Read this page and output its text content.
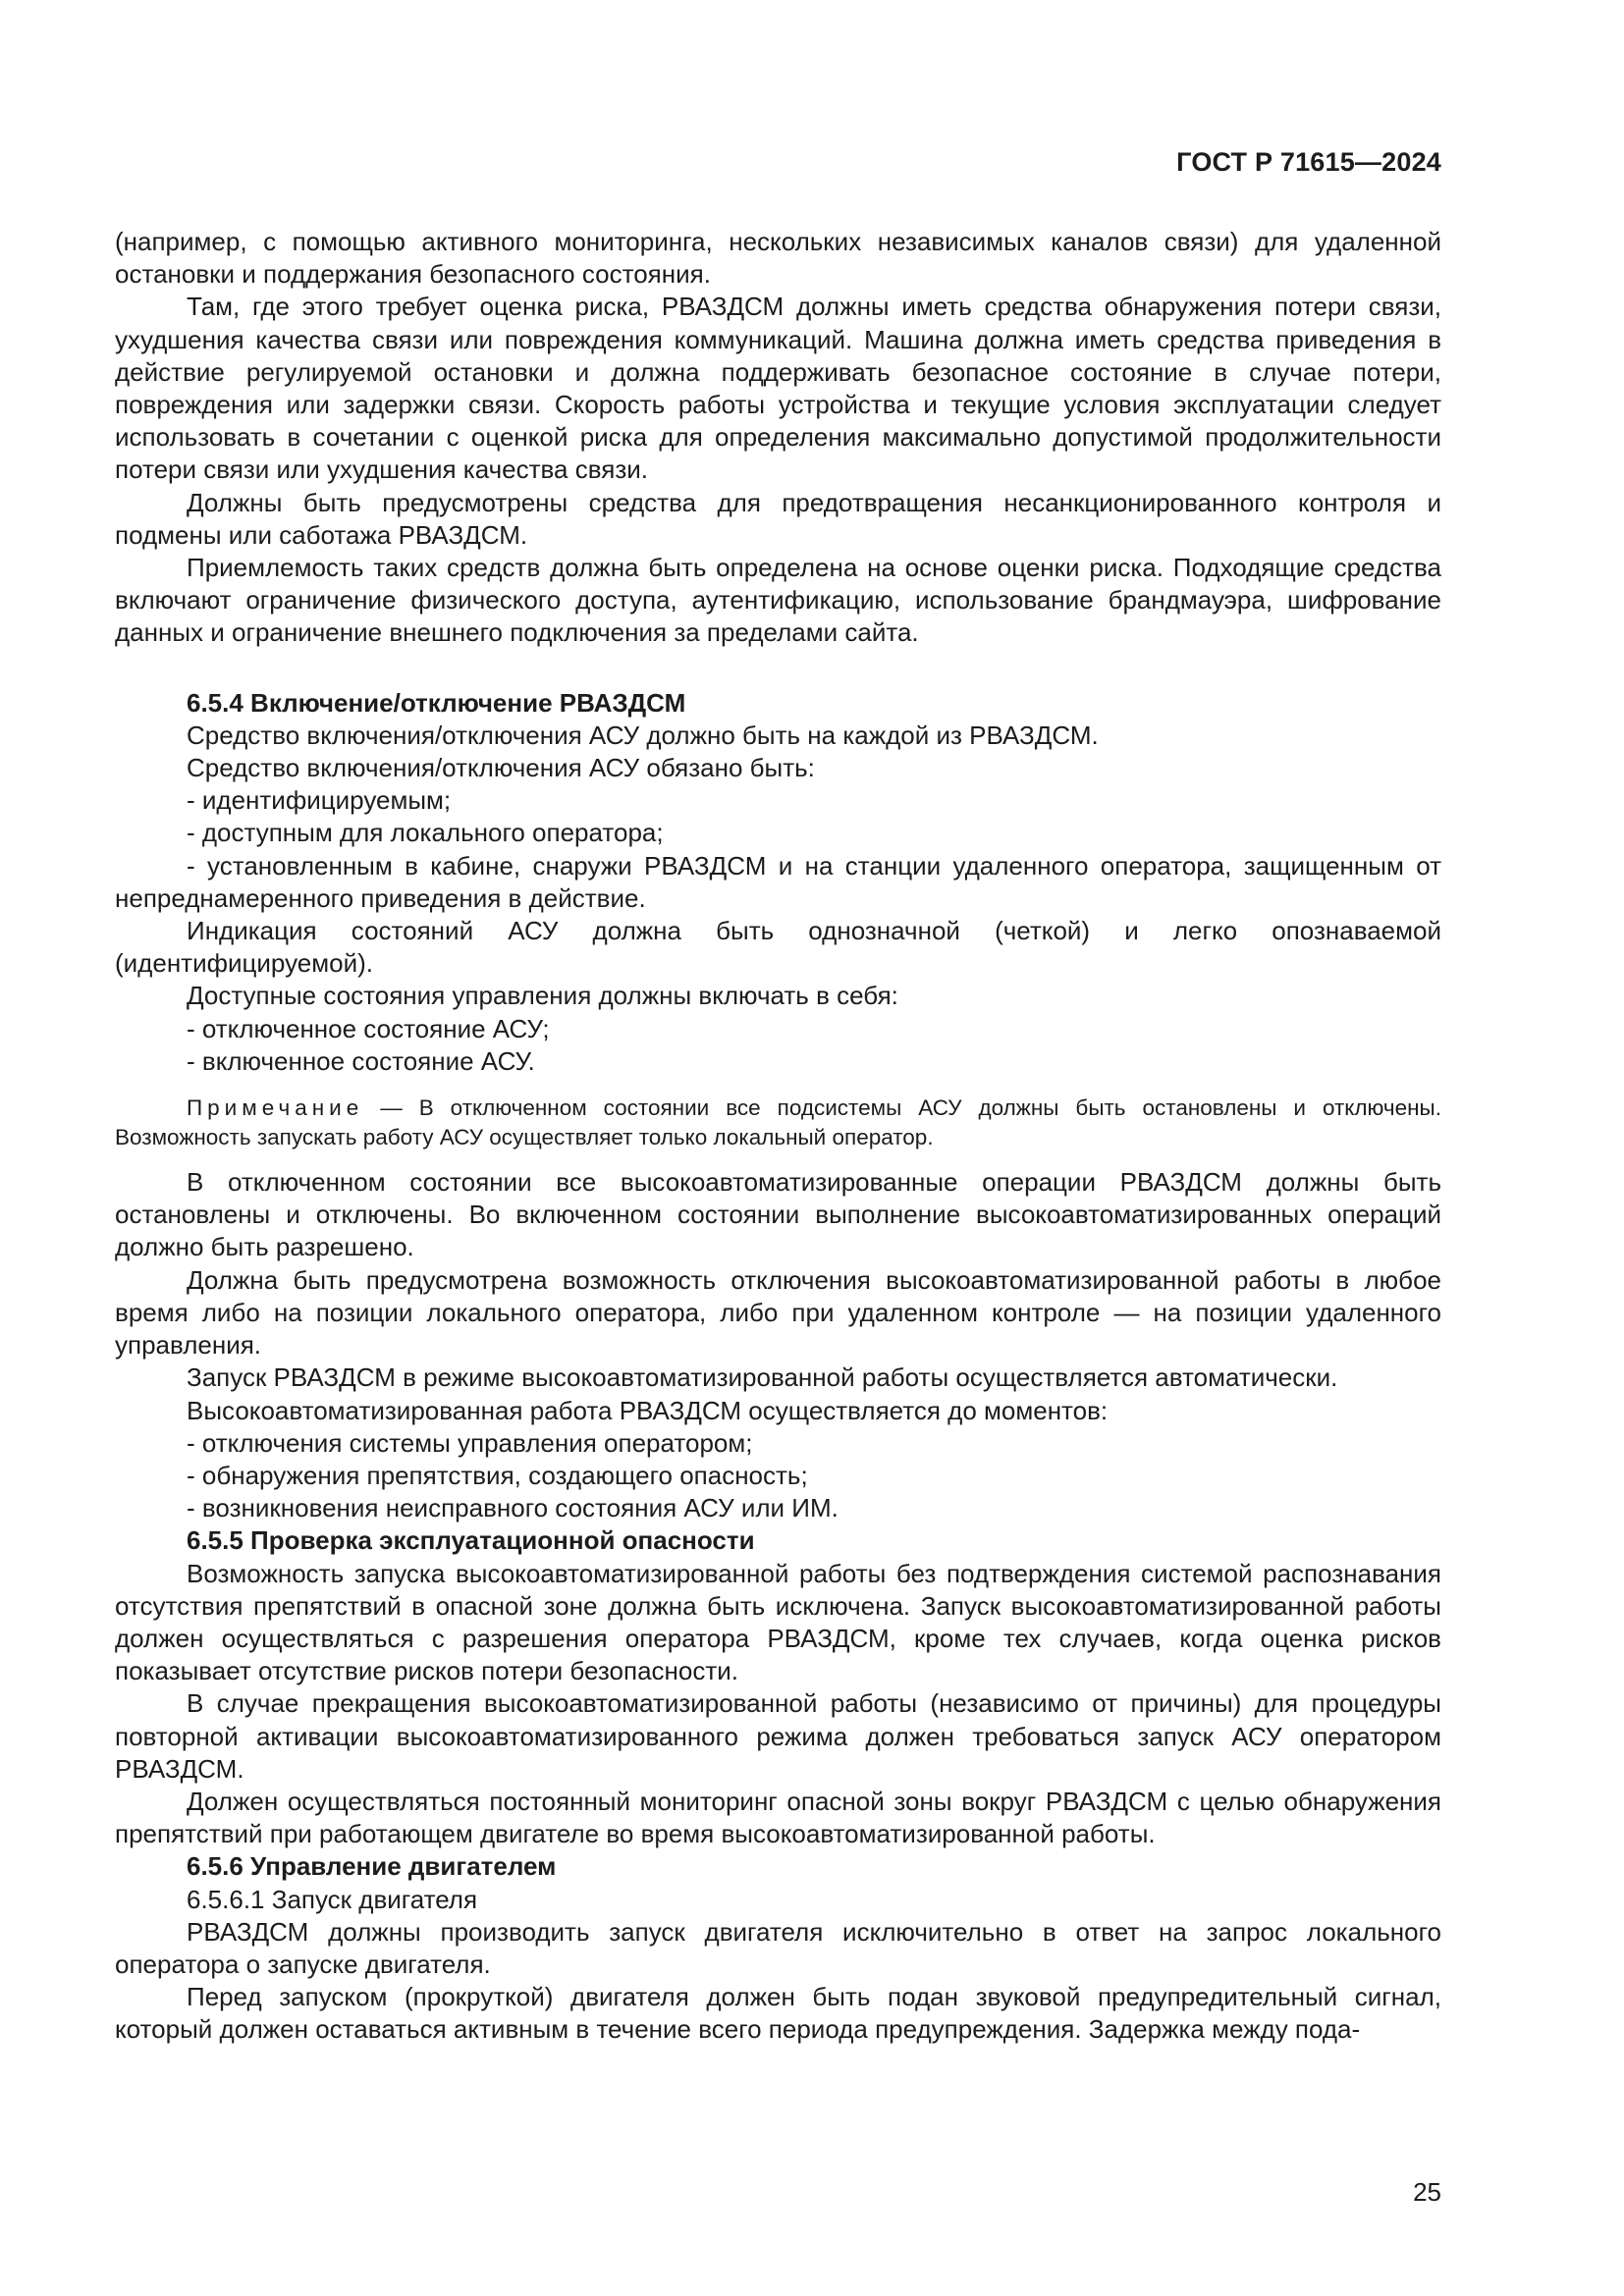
ГОСТ Р 71615—2024

(например, с помощью активного мониторинга, нескольких независимых каналов связи) для удаленной остановки и поддержания безопасного состояния.

Там, где этого требует оценка риска, РВАЗДСМ должны иметь средства обнаружения потери связи, ухудшения качества связи или повреждения коммуникаций. Машина должна иметь средства приведения в действие регулируемой остановки и должна поддерживать безопасное состояние в случае потери, повреждения или задержки связи. Скорость работы устройства и текущие условия эксплуатации следует использовать в сочетании с оценкой риска для определения максимально допустимой продолжительности потери связи или ухудшения качества связи.

Должны быть предусмотрены средства для предотвращения несанкционированного контроля и подмены или саботажа РВАЗДСМ.

Приемлемость таких средств должна быть определена на основе оценки риска. Подходящие средства включают ограничение физического доступа, аутентификацию, использование брандмауэра, шифрование данных и ограничение внешнего подключения за пределами сайта.

6.5.4 Включение/отключение РВАЗДСМ

Средство включения/отключения АСУ должно быть на каждой из РВАЗДСМ.

Средство включения/отключения АСУ обязано быть:

- идентифицируемым;

- доступным для локального оператора;

- установленным в кабине, снаружи РВАЗДСМ и на станции удаленного оператора, защищенным от непреднамеренного приведения в действие.

Индикация состояний АСУ должна быть однозначной (четкой) и легко опознаваемой (идентифицируемой).

Доступные состояния управления должны включать в себя:

- отключенное состояние АСУ;

- включенное состояние АСУ.

Примечание — В отключенном состоянии все подсистемы АСУ должны быть остановлены и отключены. Возможность запускать работу АСУ осуществляет только локальный оператор.

В отключенном состоянии все высокоавтоматизированные операции РВАЗДСМ должны быть остановлены и отключены. Во включенном состоянии выполнение высокоавтоматизированных операций должно быть разрешено.

Должна быть предусмотрена возможность отключения высокоавтоматизированной работы в любое время либо на позиции локального оператора, либо при удаленном контроле — на позиции удаленного управления.

Запуск РВАЗДСМ в режиме высокоавтоматизированной работы осуществляется автоматически.

Высокоавтоматизированная работа РВАЗДСМ осуществляется до моментов:

- отключения системы управления оператором;

- обнаружения препятствия, создающего опасность;

- возникновения неисправного состояния АСУ или ИМ.

6.5.5 Проверка эксплуатационной опасности

Возможность запуска высокоавтоматизированной работы без подтверждения системой распознавания отсутствия препятствий в опасной зоне должна быть исключена. Запуск высокоавтоматизированной работы должен осуществляться с разрешения оператора РВАЗДСМ, кроме тех случаев, когда оценка рисков показывает отсутствие рисков потери безопасности.

В случае прекращения высокоавтоматизированной работы (независимо от причины) для процедуры повторной активации высокоавтоматизированного режима должен требоваться запуск АСУ оператором РВАЗДСМ.

Должен осуществляться постоянный мониторинг опасной зоны вокруг РВАЗДСМ с целью обнаружения препятствий при работающем двигателе во время высокоавтоматизированной работы.

6.5.6 Управление двигателем

6.5.6.1 Запуск двигателя

РВАЗДСМ должны производить запуск двигателя исключительно в ответ на запрос локального оператора о запуске двигателя.

Перед запуском (прокруткой) двигателя должен быть подан звуковой предупредительный сигнал, который должен оставаться активным в течение всего периода предупреждения. Задержка между пода-

25
